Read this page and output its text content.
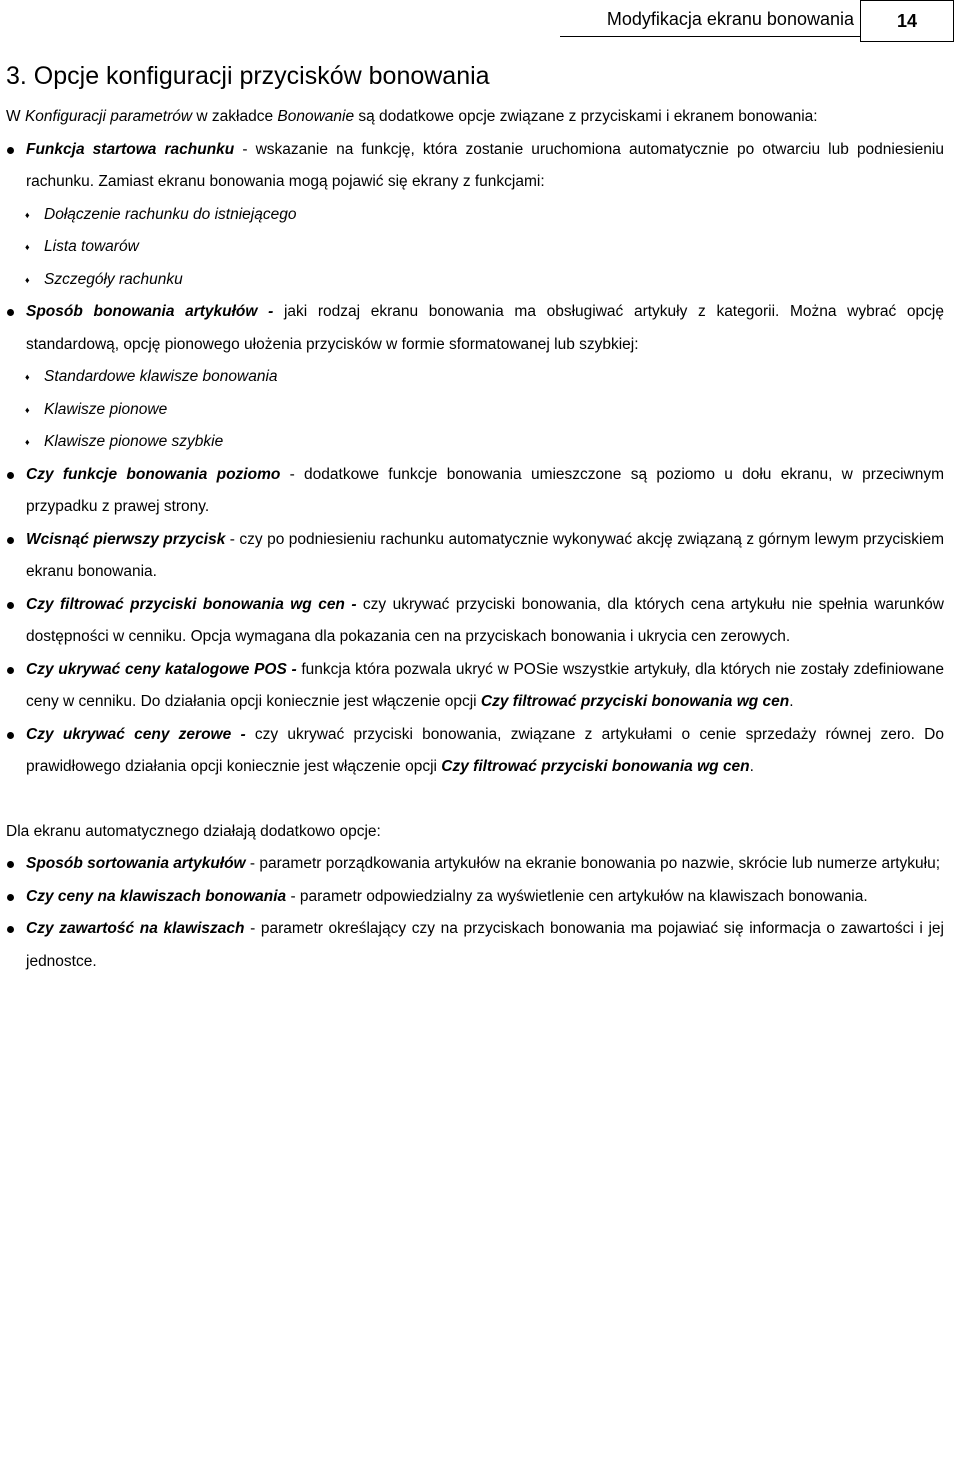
Modyfikacja ekranu bonowania	14
3. Opcje konfiguracji przycisków bonowania

W Konfiguracji parametrów w zakładce Bonowanie są dodatkowe opcje związane z przyciskami i ekranem bonowania:

Funkcja startowa rachunku - wskazanie na funkcję, która zostanie uruchomiona automatycznie po otwarciu lub podniesieniu rachunku. Zamiast ekranu bonowania mogą pojawić się ekrany z funkcjami:
♦ Dołączenie rachunku do istniejącego
♦ Lista towarów
♦ Szczegóły rachunku
Sposób bonowania artykułów - jaki rodzaj ekranu bonowania ma obsługiwać artykuły z kategorii. Można wybrać opcję standardową, opcję pionowego ułożenia przycisków w formie sformatowanej lub szybkiej:
♦ Standardowe klawisze bonowania
♦ Klawisze pionowe
♦ Klawisze pionowe szybkie
Czy funkcje bonowania poziomo - dodatkowe funkcje bonowania umieszczone są poziomo u dołu ekranu, w przeciwnym przypadku z prawej strony.
Wcisnąć pierwszy przycisk - czy po podniesieniu rachunku automatycznie wykonywać akcję związaną z górnym lewym przyciskiem ekranu bonowania.
Czy filtrować przyciski bonowania wg cen - czy ukrywać przyciski bonowania, dla których cena artykułu nie spełnia warunków dostępności w cenniku. Opcja wymagana dla pokazania cen na przyciskach bonowania i ukrycia cen zerowych.
Czy ukrywać ceny katalogowe POS - funkcja która pozwala ukryć w POSie wszystkie artykuły, dla których nie zostały zdefiniowane ceny w cenniku. Do działania opcji koniecznie jest włączenie opcji Czy filtrować przyciski bonowania wg cen.
Czy ukrywać ceny zerowe - czy ukrywać przyciski bonowania, związane z artykułami o cenie sprzedaży równej zero. Do prawidłowego działania opcji koniecznie jest włączenie opcji Czy filtrować przyciski bonowania wg cen.

Dla ekranu automatycznego działają dodatkowo opcje:

Sposób sortowania artykułów - parametr porządkowania artykułów na ekranie bonowania po nazwie, skrócie lub numerze artykułu;
Czy ceny na klawiszach bonowania - parametr odpowiedzialny za wyświetlenie cen artykułów na klawiszach bonowania.
Czy zawartość na klawiszach - parametr określający czy na przyciskach bonowania ma pojawiać się informacja o zawartości i jej jednostce.
